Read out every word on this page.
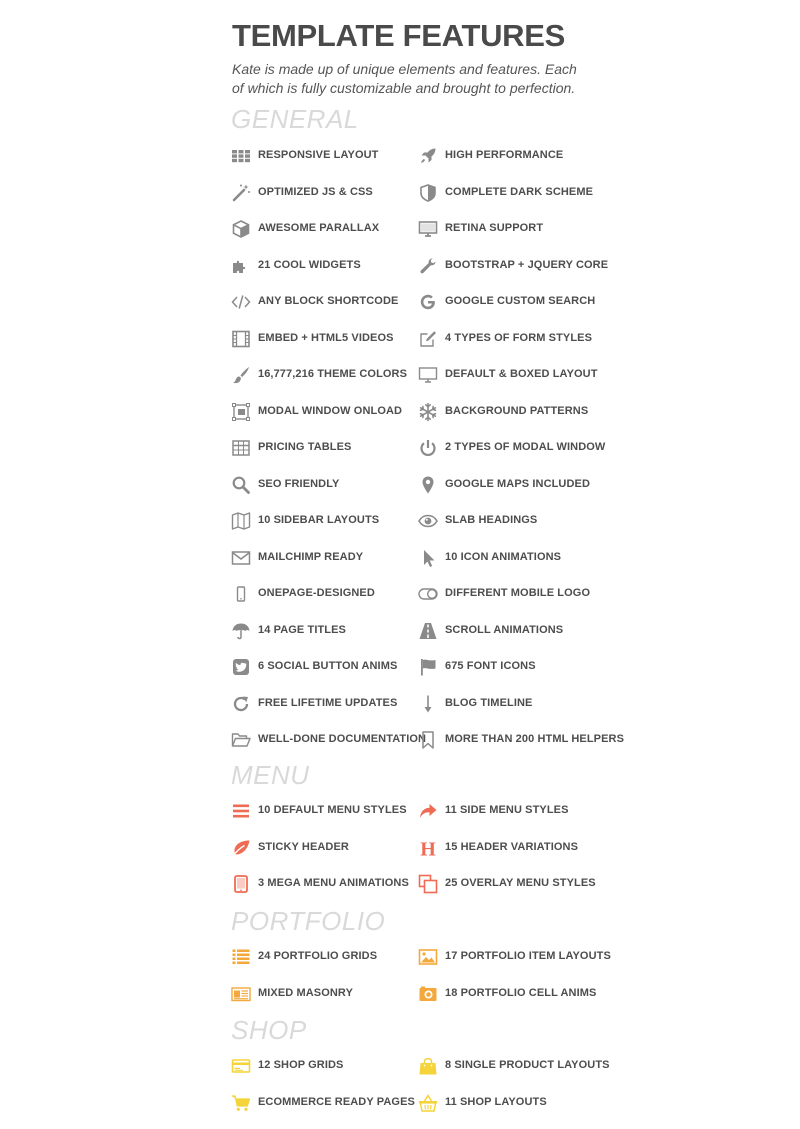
TEMPLATE FEATURES

Kate is made up of unique elements and features. Each of which is fully customizable and brought to perfection.

GENERAL
MENU
PORTFOLIO
SHOP
RESPONSIVE LAYOUT
OPTIMIZED JS & CSS
AWESOME PARALLAX
21 COOL WIDGETS
ANY BLOCK SHORTCODE
EMBED + HTML5 VIDEOS
16,777,216 THEME COLORS
MODAL WINDOW ONLOAD
PRICING TABLES
SEO FRIENDLY
10 SIDEBAR LAYOUTS
MAILCHIMP READY
ONEPAGE-DESIGNED
14 PAGE TITLES
6 SOCIAL BUTTON ANIMS
FREE LIFETIME UPDATES
WELL-DONE DOCUMENTATION
HIGH PERFORMANCE
COMPLETE DARK SCHEME
RETINA SUPPORT
BOOTSTRAP + JQUERY CORE
GOOGLE CUSTOM SEARCH
4 TYPES OF FORM STYLES
DEFAULT & BOXED LAYOUT
BACKGROUND PATTERNS
2 TYPES OF MODAL WINDOW
GOOGLE MAPS INCLUDED
SLAB HEADINGS
10 ICON ANIMATIONS
DIFFERENT MOBILE LOGO
SCROLL ANIMATIONS
675 FONT ICONS
BLOG TIMELINE
MORE THAN 200 HTML HELPERS
10 DEFAULT MENU STYLES
STICKY HEADER
3 MEGA MENU ANIMATIONS
11 SIDE MENU STYLES
H 15 HEADER VARIATIONS
25 OVERLAY MENU STYLES
24 PORTFOLIO GRIDS
MIXED MASONRY
17 PORTFOLIO ITEM LAYOUTS
18 PORTFOLIO CELL ANIMS
12 SHOP GRIDS
ECOMMERCE READY PAGES
8 SINGLE PRODUCT LAYOUTS
11 SHOP LAYOUTS
